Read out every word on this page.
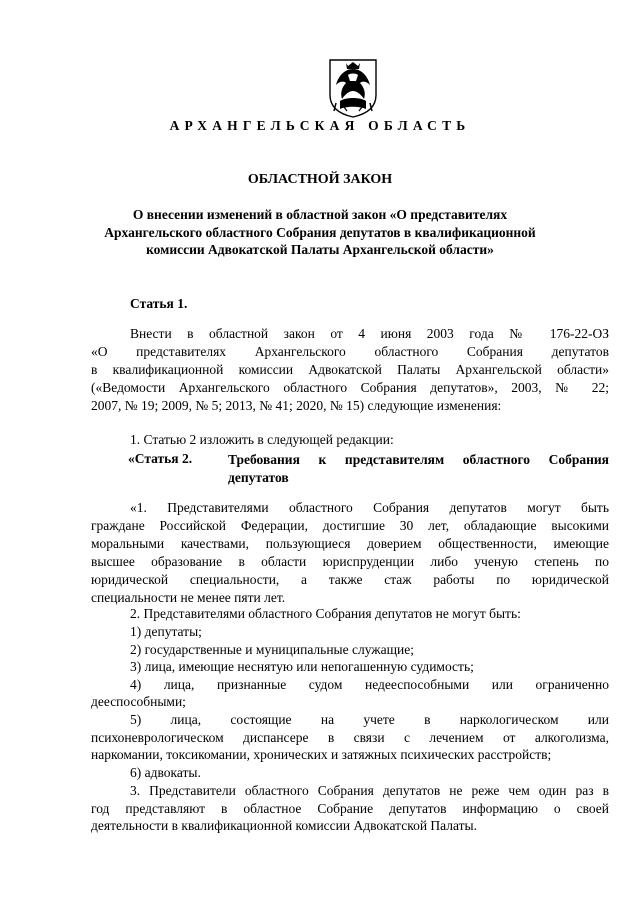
АРХАНГЕЛЬСКАЯ ОБЛАСТЬ
ОБЛАСТНОЙ ЗАКОН
О внесении изменений в областной закон «О представителях Архангельского областного Собрания депутатов в квалификационной комиссии Адвокатской Палаты Архангельской области»
Статья 1.
Внести в областной закон от 4 июня 2003 года № 176-22-ОЗ
«О представителях Архангельского областного Собрания депутатов
в квалификационной комиссии Адвокатской Палаты Архангельской области»
(«Ведомости Архангельского областного Собрания депутатов», 2003, № 22;
2007, № 19; 2009, № 5; 2013, № 41; 2020, № 15) следующие изменения:
1. Статью 2 изложить в следующей редакции:
«Статья 2.	Требования к представителям областного Собрания депутатов
«1. Представителями областного Собрания депутатов могут быть
граждане Российской Федерации, достигшие 30 лет, обладающие высокими
моральными качествами, пользующиеся доверием общественности, имеющие
высшее образование в области юриспруденции либо ученую степень по
юридической специальности, а также стаж работы по юридической
специальности не менее пяти лет.
2. Представителями областного Собрания депутатов не могут быть:
1) депутаты;
2) государственные и муниципальные служащие;
3) лица, имеющие неснятую или непогашенную судимость;
4) лица, признанные судом недееспособными или ограниченно
дееспособными;
5) лица, состоящие на учете в наркологическом или
психоневрологическом диспансере в связи с лечением от алкоголизма,
наркомании, токсикомании, хронических и затяжных психических расстройств;
6) адвокаты.
3. Представители областного Собрания депутатов не реже чем один раз в
год представляют в областное Собрание депутатов информацию о своей
деятельности в квалификационной комиссии Адвокатской Палаты.
